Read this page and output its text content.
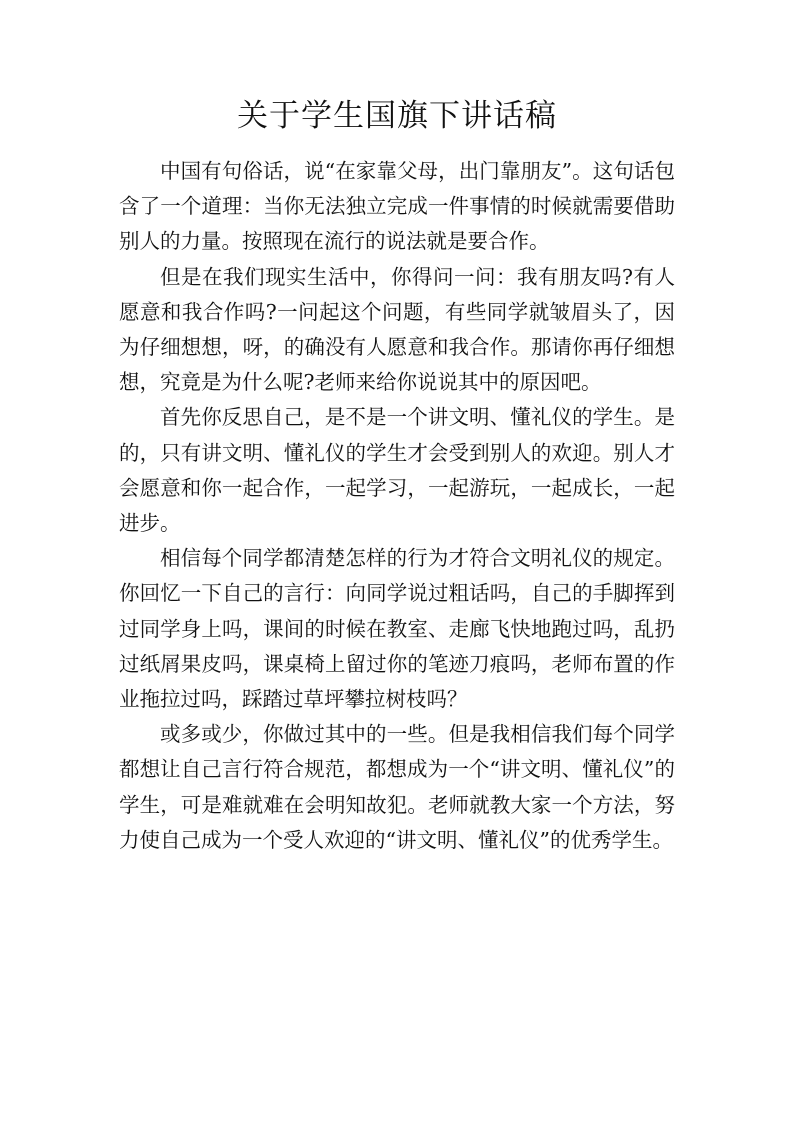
关于学生国旗下讲话稿

中国有句俗话，说“在家靠父母，出门靠朋友”。这句话包含了一个道理：当你无法独立完成一件事情的时候就需要借助别人的力量。按照现在流行的说法就是要合作。

但是在我们现实生活中，你得问一问：我有朋友吗?有人愿意和我合作吗?一问起这个问题，有些同学就皱眉头了，因为仔细想想，呀，的确没有人愿意和我合作。那请你再仔细想想，究竟是为什么呢?老师来给你说说其中的原因吧。

首先你反思自己，是不是一个讲文明、懂礼仪的学生。是的，只有讲文明、懂礼仪的学生才会受到别人的欢迎。别人才会愿意和你一起合作，一起学习，一起游玩，一起成长，一起进步。

相信每个同学都清楚怎样的行为才符合文明礼仪的规定。你回忆一下自己的言行：向同学说过粗话吗，自己的手脚挥到过同学身上吗，课间的时候在教室、走廊飞快地跑过吗，乱扔过纸屑果皮吗，课桌椅上留过你的笔迹刀痕吗，老师布置的作业拖拉过吗，踩踏过草坪攀拉树枝吗？

或多或少，你做过其中的一些。但是我相信我们每个同学都想让自己言行符合规范，都想成为一个“讲文明、懂礼仪”的学生，可是难就难在会明知故犯。老师就教大家一个方法，努力使自己成为一个受人欢迎的“讲文明、懂礼仪”的优秀学生。
